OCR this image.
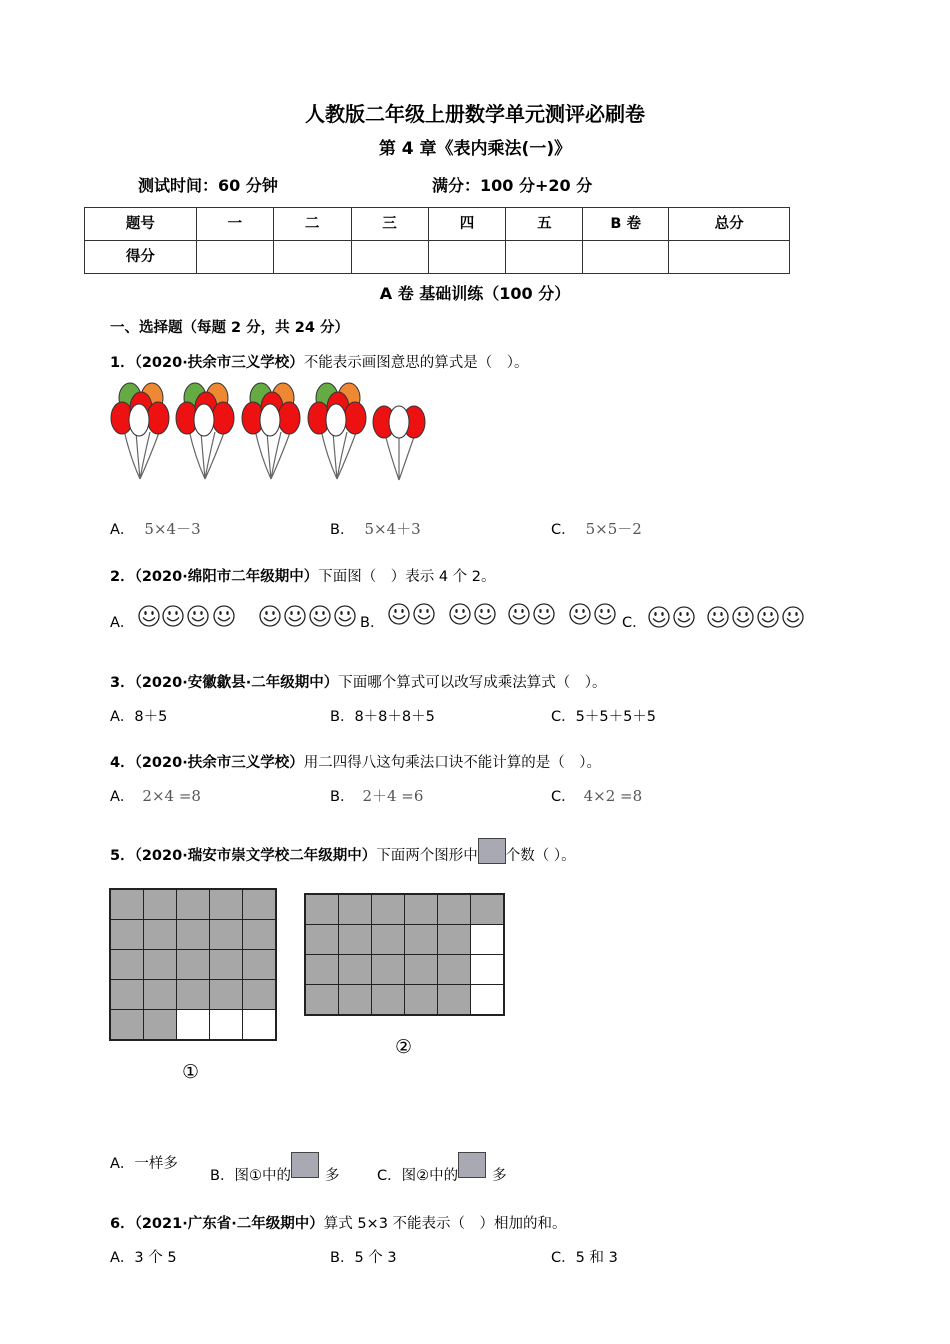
人教版二年级上册数学单元测评必刷卷
第 4 章《表内乘法(一)》
测试时间：60 分钟	满分：100 分+20 分
题号	一	二	三	四	五	B 卷	总分
得分							
A 卷 基础训练（100 分）
一、选择题（每题 2 分，共 24 分）
1．（2020·扶余市三义学校）不能表示画图意思的算式是（　）。
A． 5×4－3	B． 5×4＋3	C． 5×5－2
2．（2020·绵阳市二年级期中）下面图（　）表示 4 个 2。
A．	B．	C．
3．（2020·安徽歙县·二年级期中）下面哪个算式可以改写成乘法算式（　）。
A．8＋5	B．8＋8＋8＋5	C．5＋5＋5＋5
4．（2020·扶余市三义学校）用二四得八这句乘法口诀不能计算的是（　）。
A． 2×4 =8	B． 2＋4 =6	C． 4×2 =8
5．（2020·瑞安市崇文学校二年级期中）下面两个图形中 个数（ ）。

①

②
A．一样多
B．图①中的 多	C．图②中的 多
6．（2021·广东省·二年级期中）算式 5×3 不能表示（　）相加的和。
A．3 个 5	B．5 个 3	C．5 和 3
